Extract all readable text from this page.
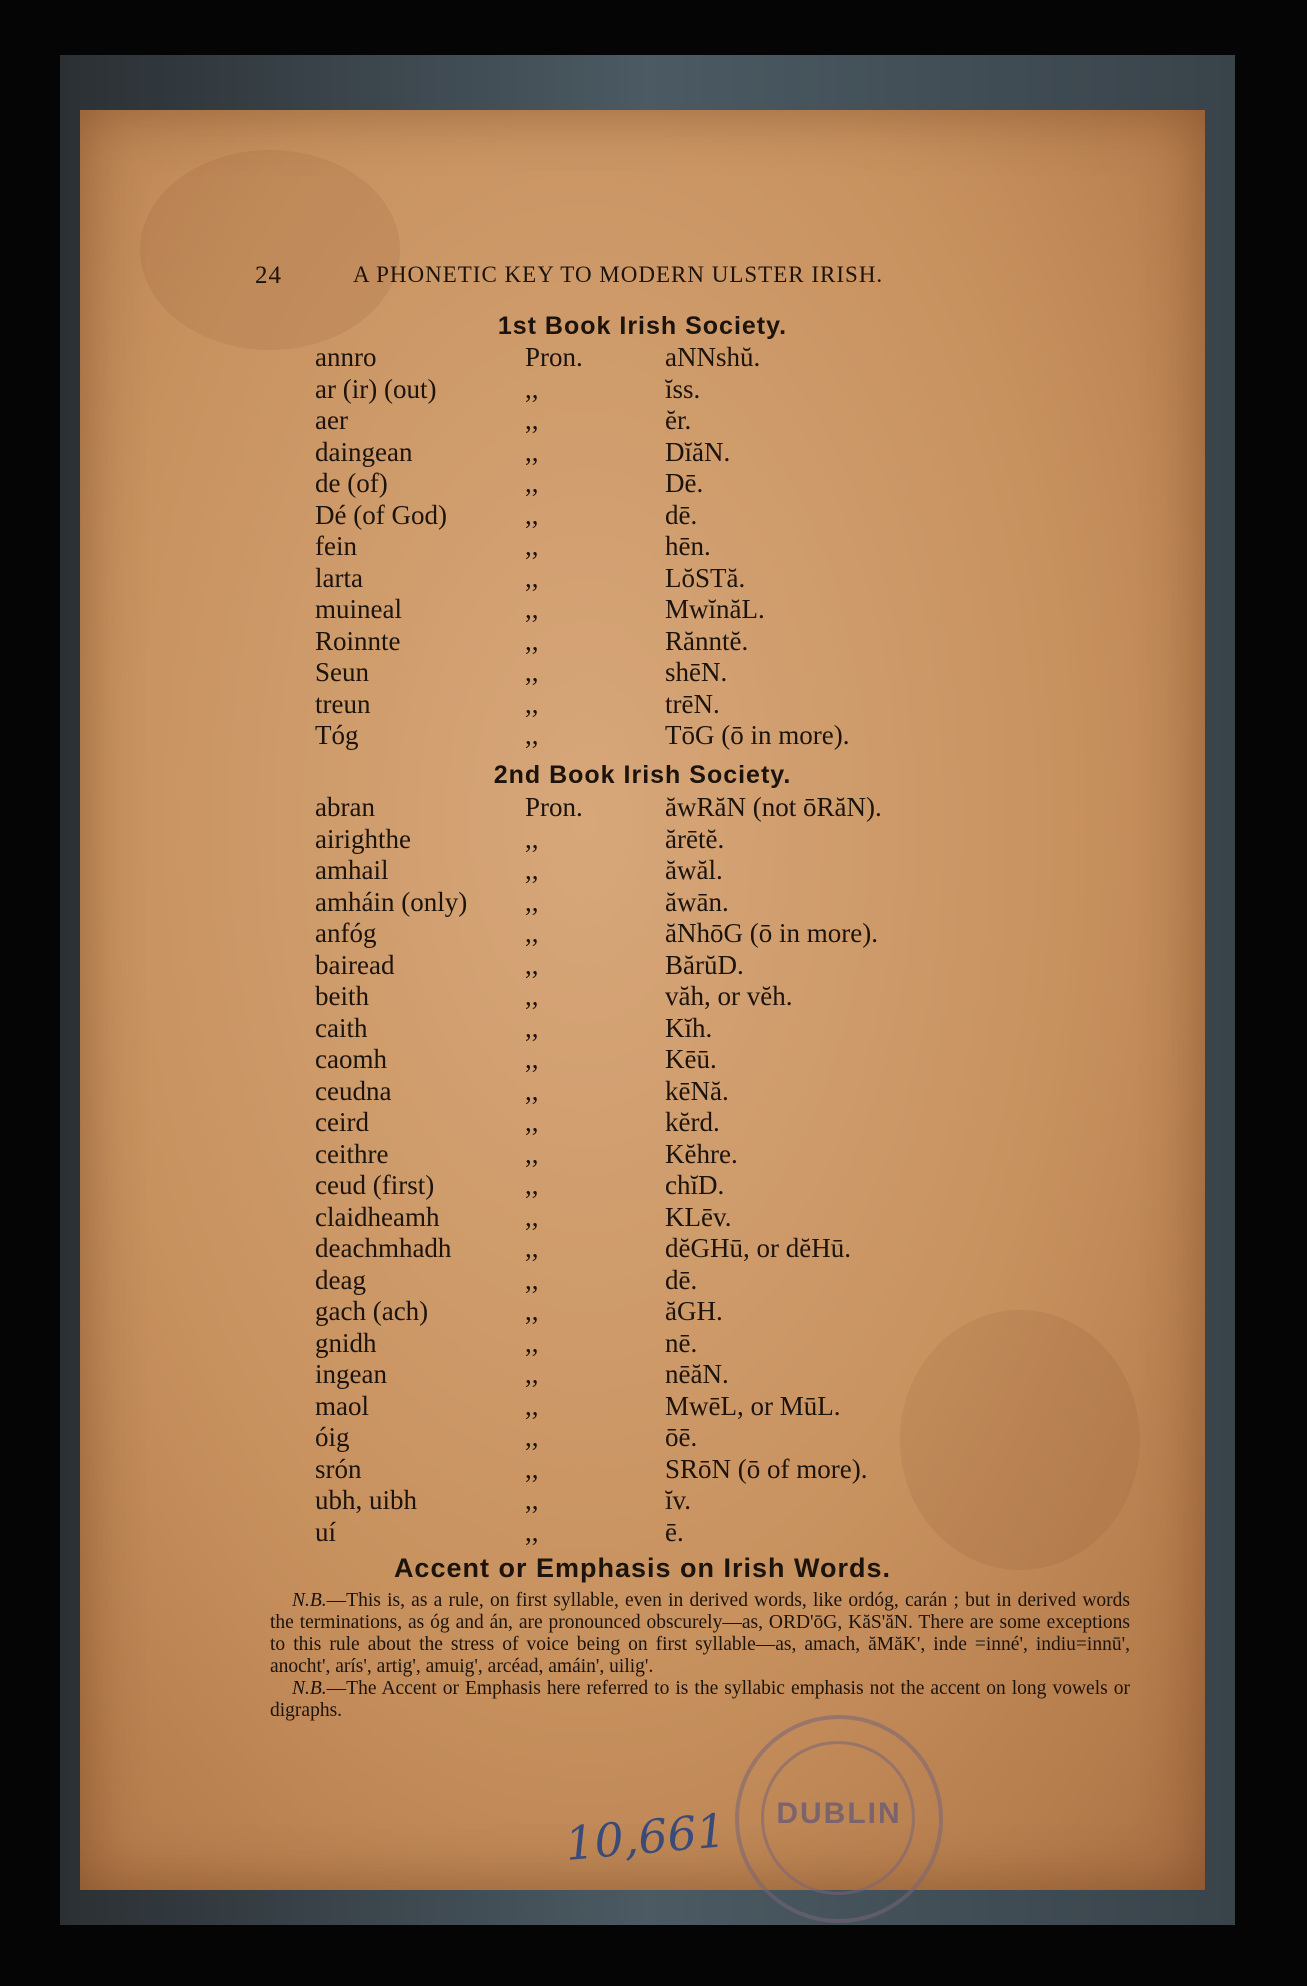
24	A PHONETIC KEY TO MODERN ULSTER IRISH.
1st Book Irish Society.
annro	Pron.	aNNshŭ.
ar (ir) (out)	,,	ĭss.
aer	,,	ĕr.
daingean	,,	DĭăN.
de (of)	,,	Dē.
Dé (of God)	,,	dē.
fein	,,	hēn.
larta	,,	LŏSTă.
muineal	,,	MwĭnăL.
Roinnte	,,	Rănntĕ.
Seun	,,	shēN.
treun	,,	trēN.
Tóg	,,	TōG (ō in more).
2nd Book Irish Society.
abran	Pron.	ăwRăN (not ōRăN).
airighthe	,,	ărētĕ.
amhail	,,	ăwăl.
amháin (only) ,,	ăwān.
anfóg	,,	ăNhōG (ō in more).
bairead	,,	BărŭD.
beith	,,	văh, or vĕh.
caith	,,	Kĭh.
caomh	,,	Kēū.
ceudna	,,	kēNă.
ceird	,,	kĕrd.
ceithre	,,	Kĕhre.
ceud (first)	,,	chĭD.
claidheamh	,,	KLēv.
deachmhadh	,,	dĕGHū, or dĕHū.
deag	,,	dē.
gach (ach)	,,	ăGH.
gnidh	,,	nē.
ingean	,,	nēăN.
maol	,,	MwēL, or MūL.
óig	,,	ōē.
srón	,,	SRōN (ō of more).
ubh, uibh	,,	ĭv.
uí	,,	ē.
Accent or Emphasis on Irish Words.

N.B.—This is, as a rule, on first syllable, even in derived words, like ordóg, carán ; but in derived words the terminations, as óg and án, are pronounced obscurely—as, ORD'ōG, KăS'ăN. There are some exceptions to this rule about the stress of voice being on first syllable—as, amach, ăMăK', inde =inné', indiu=innū', anocht', arís', artig', amuig', arcéad, amáin', uilig'.

N.B.—The Accent or Emphasis here referred to is the syllabic emphasis not the accent on long vowels or digraphs.

DUBLIN
10,661
